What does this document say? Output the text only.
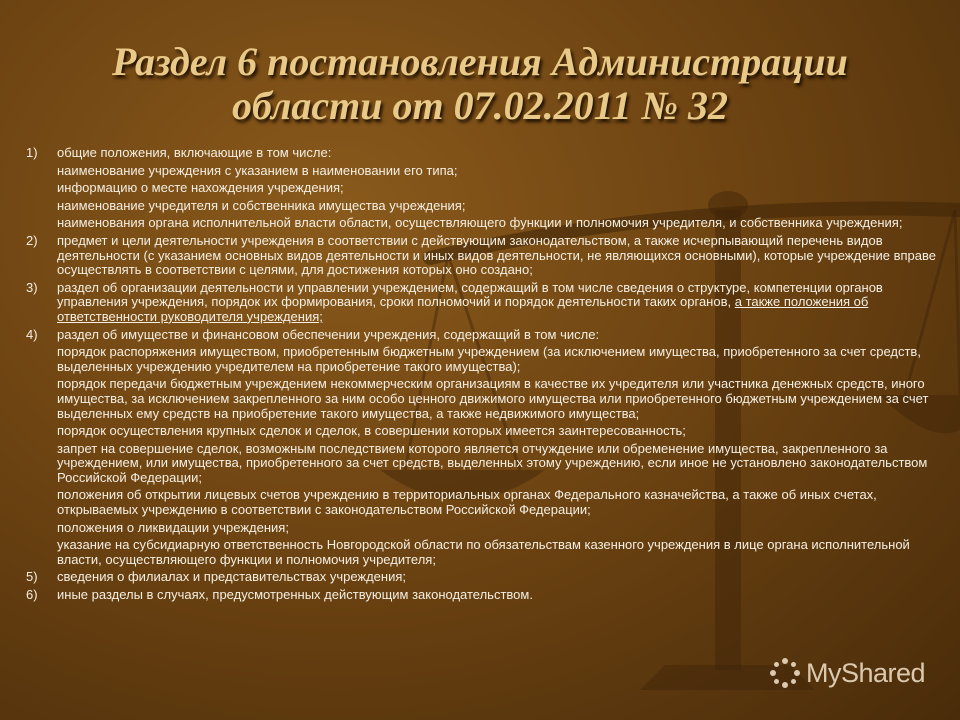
Раздел 6 постановления Администрации
области от 07.02.2011 № 32
1) общие положения, включающие в том числе:
наименование учреждения с указанием в наименовании его типа;
информацию о месте нахождения учреждения;
наименование учредителя и собственника имущества учреждения;
наименования органа исполнительной власти области, осуществляющего функции и полномочия учредителя, и собственника учреждения;
2) предмет и цели деятельности учреждения в соответствии с действующим законодательством, а также исчерпывающий перечень видов деятельности (с указанием основных видов деятельности и иных видов деятельности, не являющихся основными), которые учреждение вправе осуществлять в соответствии с целями, для достижения которых оно создано;
3) раздел об организации деятельности и управлении учреждением, содержащий в том числе сведения о структуре, компетенции органов управления учреждения, порядок их формирования, сроки полномочий и порядок деятельности таких органов, а также положения об ответственности руководителя учреждения;
4) раздел об имуществе и финансовом обеспечении учреждения, содержащий в том числе:
порядок распоряжения имуществом, приобретенным бюджетным учреждением (за исключением имущества, приобретенного за счет средств, выделенных учреждению учредителем на приобретение такого имущества);
порядок передачи бюджетным учреждением некоммерческим организациям в качестве их учредителя или участника денежных средств, иного имущества, за исключением закрепленного за ним особо ценного движимого имущества или приобретенного бюджетным учреждением за счет выделенных ему средств на приобретение такого имущества, а также недвижимого имущества;
порядок осуществления крупных сделок и сделок, в совершении которых имеется заинтересованность;
запрет на совершение сделок, возможным последствием которого является отчуждение или обременение имущества, закрепленного за учреждением, или имущества, приобретенного за счет средств, выделенных этому учреждению, если иное не установлено законодательством Российской Федерации;
положения об открытии лицевых счетов учреждению в территориальных органах Федерального казначейства, а также об иных счетах, открываемых учреждению в соответствии с законодательством Российской Федерации;
положения о ликвидации учреждения;
указание на субсидиарную ответственность Новгородской области по обязательствам казенного учреждения в лице органа исполнительной власти, осуществляющего функции и полномочия учредителя;
5) сведения о филиалах и представительствах учреждения;
6) иные разделы в случаях, предусмотренных действующим законодательством.
MyShared
